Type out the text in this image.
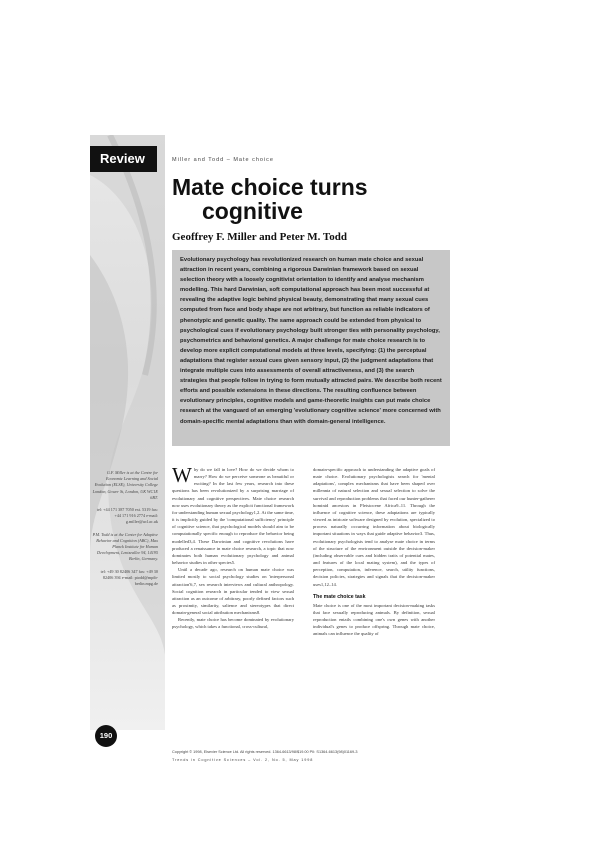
Review	Miller and Todd – Mate choice
Mate choice turns
cognitive
Geoffrey F. Miller and Peter M. Todd
Evolutionary psychology has revolutionized research on human mate choice and sexual attraction in recent years, combining a rigorous Darwinian framework based on sexual selection theory with a loosely cognitivist orientation to identify and analyse mechanism modelling. This hard Darwinian, soft computational approach has been most successful at revealing the adaptive logic behind physical beauty, demonstrating that many sexual cues computed from face and body shape are not arbitrary, but function as reliable indicators of phenotypic and genetic quality. The same approach could be extended from physical to psychological cues if evolutionary psychology built stronger ties with personality psychology, psychometrics and behavioral genetics. A major challenge for mate choice research is to develop more explicit computational models at three levels, specifying: (1) the perceptual adaptations that register sexual cues given sensory input, (2) the judgment adaptations that integrate multiple cues into assessments of overall attractiveness, and (3) the search strategies that people follow in trying to form mutually attracted pairs. We describe both recent efforts and possible extensions in these directions. The resulting confluence between evolutionary principles, cognitive models and game-theoretic insights can put mate choice research at the vanguard of an emerging 'evolutionary cognitive science' more concerned with domain-specific mental adaptations than with domain-general intelligence.

G.F. Miller is at the Centre for Economic Learning and Social Evolution (ELSE), University College London, Gower St, London, UK WC1E 6BT.

tel: +44 171 387 7050 ext. 5319 fax: +44 171 916 2774 e-mail: g.miller@ucl.ac.uk

P.M. Todd is at the Center for Adaptive Behavior and Cognition (ABC), Max Planck Institute for Human Development, Lentzeallee 94, 14195 Berlin, Germany.

tel: +49 30 82406 347 fax: +49 30 82406 394 e-mail: ptodd@mpib-berlin.mpg.de

190

Why do we fall in love? How do we decide whom to marry? How do we perceive someone as beautiful or exciting? In the last few years, research into these questions has been revolutionized by a surprising marriage of evolutionary and cognitive perspectives. Mate choice research now uses evolutionary theory as the explicit functional framework for understanding human sexual psychology1,2. At the same time, it is implicitly guided by the 'computational sufficiency' principle of cognitive science, that psychological models should aim to be computationally specific enough to reproduce the behavior being modelled3,4. These Darwinian and cognitive revolutions have produced a renaissance in mate choice research, a topic that now dominates both human evolutionary psychology and animal behavior studies in other species5.

Until a decade ago, research on human mate choice was limited mostly to social psychology studies on 'interpersonal attraction'6,7, sex research interviews and cultural anthropology. Social cognition research in particular tended to view sexual attraction as an outcome of arbitrary, poorly defined factors such as proximity, similarity, salience and stereotypes that direct domain-general social attribution mechanisms8.

Recently, mate choice has become dominated by evolutionary psychology, which takes a functional, cross-cultural,

domain-specific approach to understanding the adaptive goals of mate choice. Evolutionary psychologists search for 'mental adaptations', complex mechanisms that have been shaped over millennia of natural selection and sexual selection to solve the survival and reproduction problems that faced our hunter-gatherer hominid ancestors in Pleistocene Africa9–11. Through the influence of cognitive science, these adaptations are typically viewed as intricate software designed by evolution, specialized to process naturally occurring information about biologically important situations in ways that guide adaptive behavior3. Thus, evolutionary psychologists tend to analyse mate choice in terms of the structure of the environment outside the decision-maker (including observable cues and hidden traits of potential mates, and features of the local mating system), and the types of perception, computation, inference, search, utility functions, decision policies, strategies and signals that the decision-maker uses1,12–14.

The mate choice task

Mate choice is one of the most important decision-making tasks that face sexually reproducing animals. By definition, sexual reproduction entails combining one's own genes with another individual's genes to produce offspring. Through mate choice, animals can influence the quality of

Copyright © 1998, Elsevier Science Ltd. All rights reserved. 1364-6613/98/$19.00 PII: S1364-6613(98)01169-3
Trends in Cognitive Sciences – Vol. 2, No. 5, May 1998
